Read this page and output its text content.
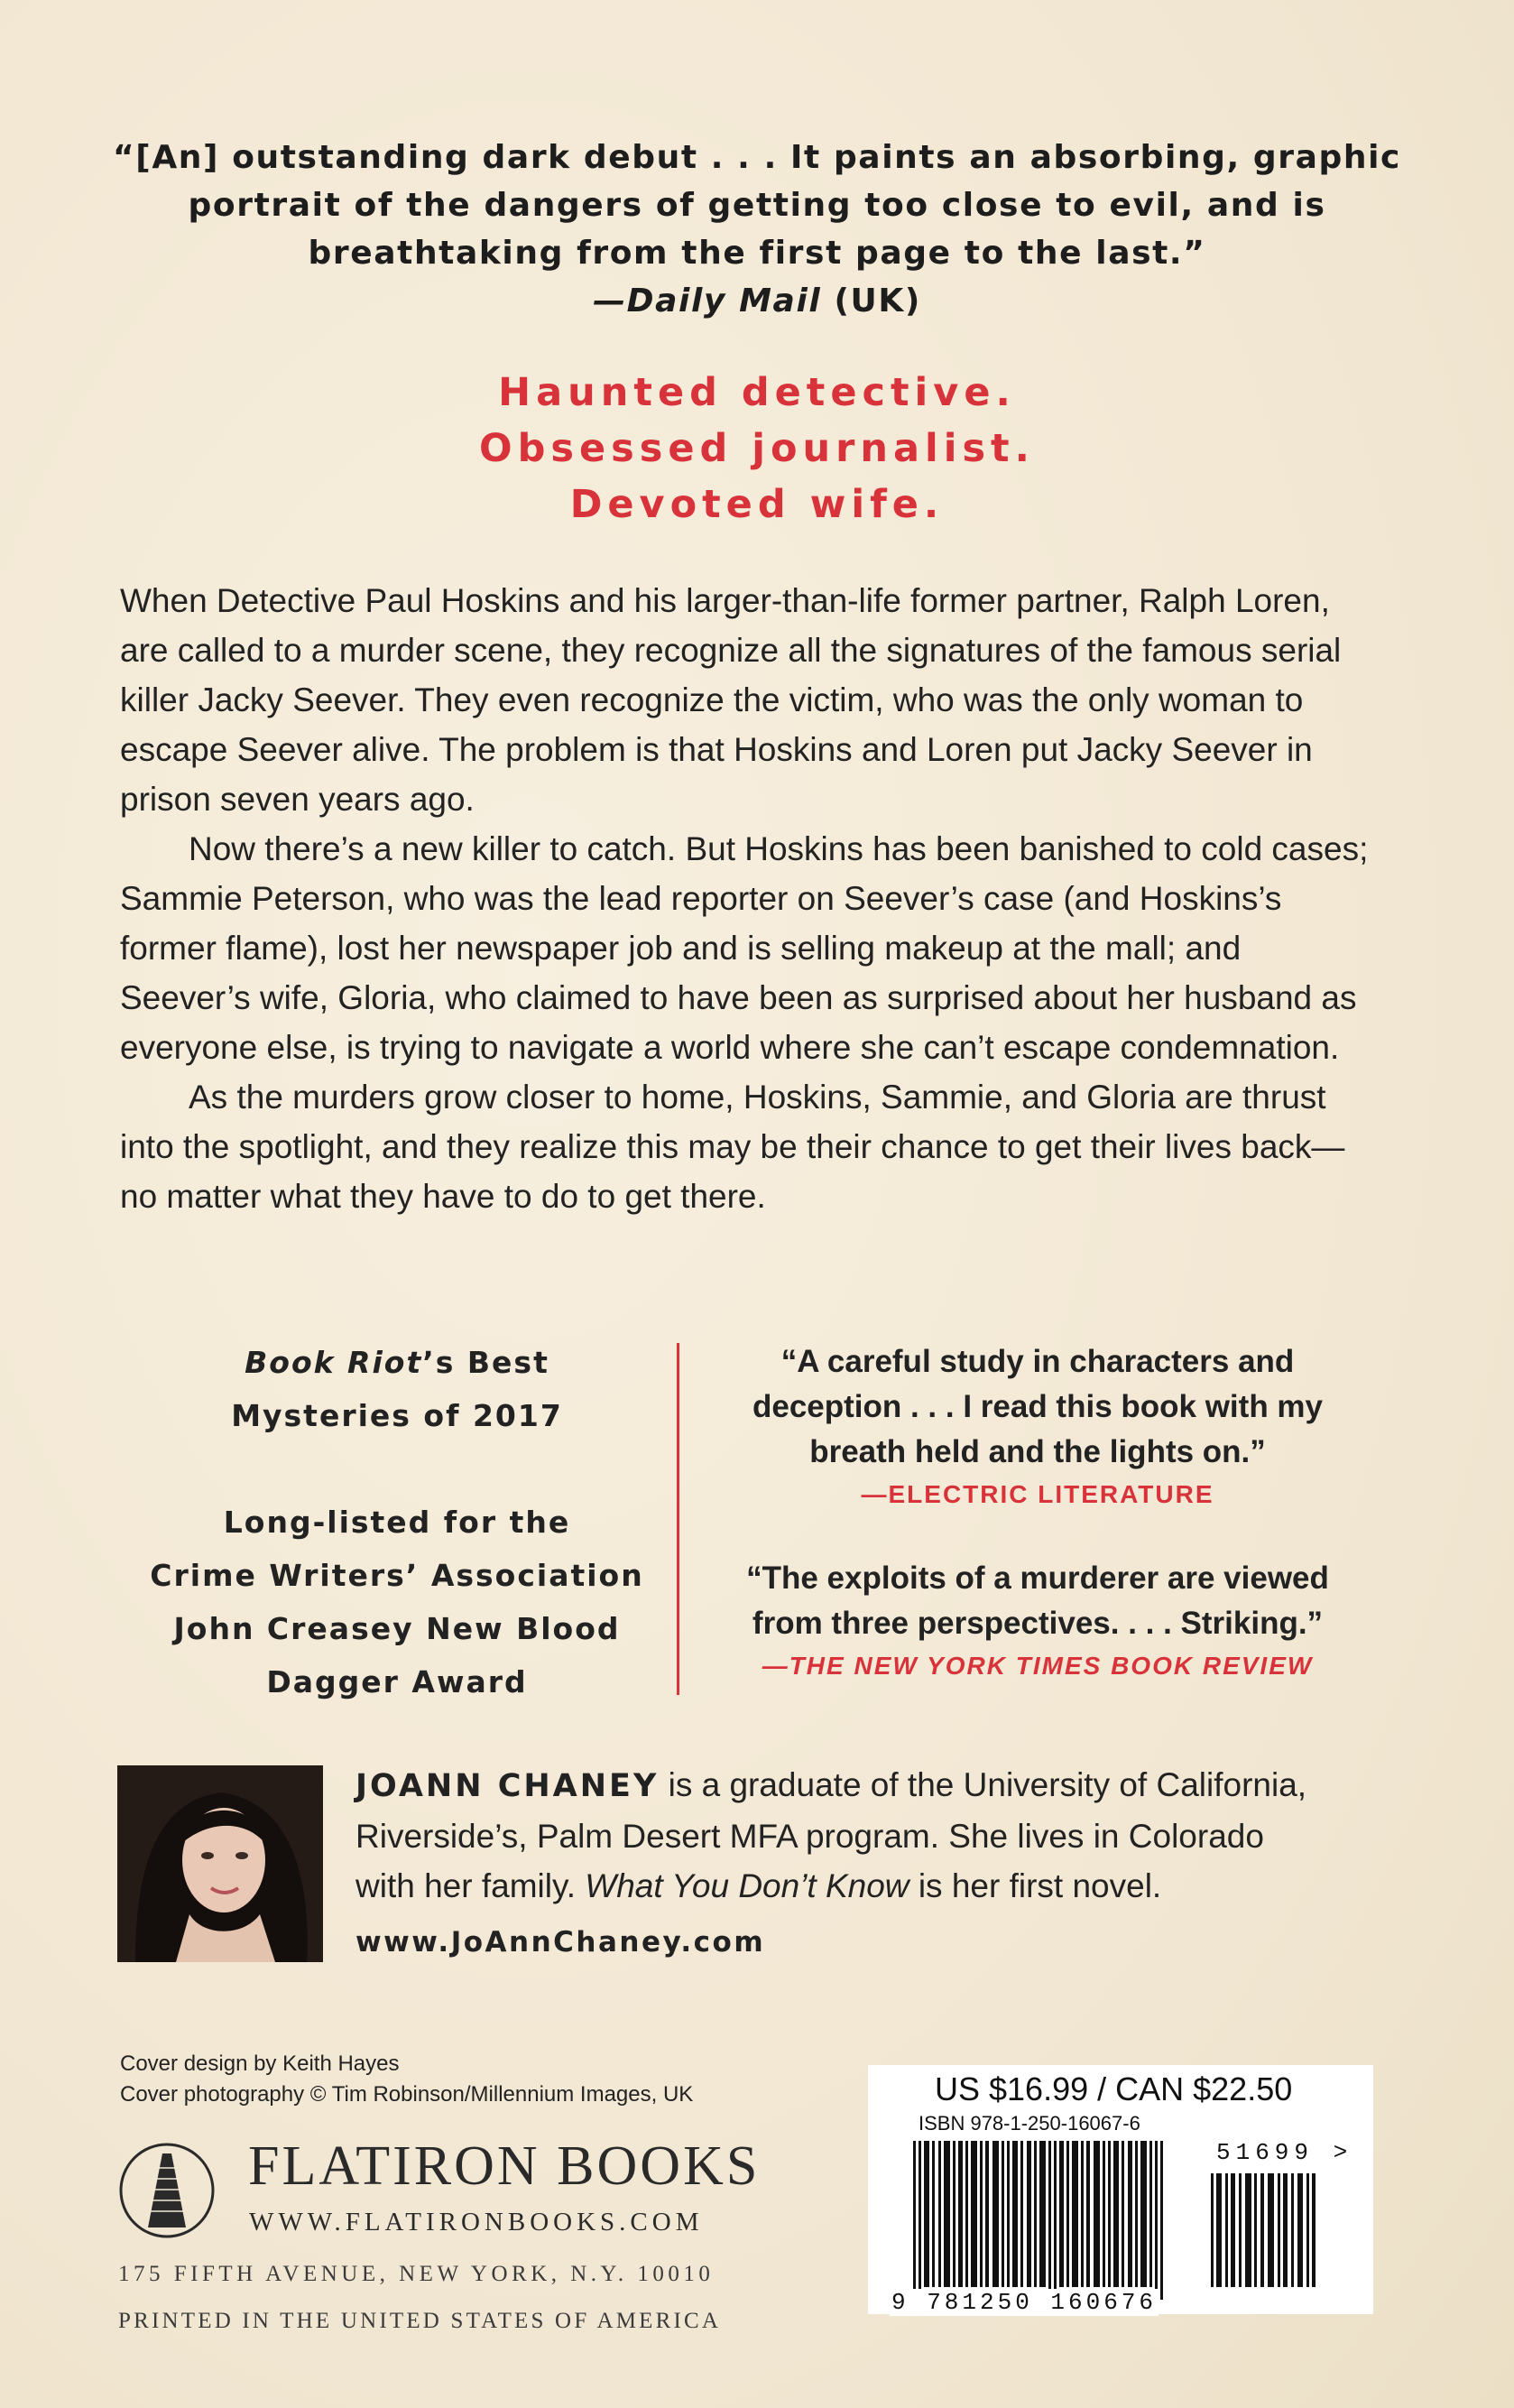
“[An] outstanding dark debut . . . It paints an absorbing, graphic
portrait of the dangers of getting too close to evil, and is
breathtaking from the first page to the last.”
—Daily Mail (UK)
Haunted detective.
Obsessed journalist.
Devoted wife.

When Detective Paul Hoskins and his larger-than-life former partner, Ralph Loren, are called to a murder scene, they recognize all the signatures of the famous serial killer Jacky Seever. They even recognize the victim, who was the only woman to escape Seever alive. The problem is that Hoskins and Loren put Jacky Seever in prison seven years ago.

Now there’s a new killer to catch. But Hoskins has been banished to cold cases; Sammie Peterson, who was the lead reporter on Seever’s case (and Hoskins’s former flame), lost her newspaper job and is selling makeup at the mall; and Seever’s wife, Gloria, who claimed to have been as surprised about her husband as everyone else, is trying to navigate a world where she can’t escape condemnation.

As the murders grow closer to home, Hoskins, Sammie, and Gloria are thrust into the spotlight, and they realize this may be their chance to get their lives back—no matter what they have to do to get there.

Book Riot’s Best
Mysteries of 2017
Long-listed for the
Crime Writers’ Association
John Creasey New Blood
Dagger Award
“A careful study in characters and
deception . . . I read this book with my
breath held and the lights on.”
—ELECTRIC LITERATURE
“The exploits of a murderer are viewed
from three perspectives. . . . Striking.”
—THE NEW YORK TIMES BOOK REVIEW
JOANN CHANEY is a graduate of the University of California,
Riverside’s, Palm Desert MFA program. She lives in Colorado
with her family. What You Don’t Know is her first novel.
www.JoAnnChaney.com
Cover design by Keith Hayes
Cover photography © Tim Robinson/Millennium Images, UK
FLATIRON BOOKS
WWW.FLATIRONBOOKS.COM
175 FIFTH AVENUE, NEW YORK, N.Y. 10010
PRINTED IN THE UNITED STATES OF AMERICA
US $16.99 / CAN $22.50
ISBN 978-1-250-16067-6
51699 >
9 781250 160676
